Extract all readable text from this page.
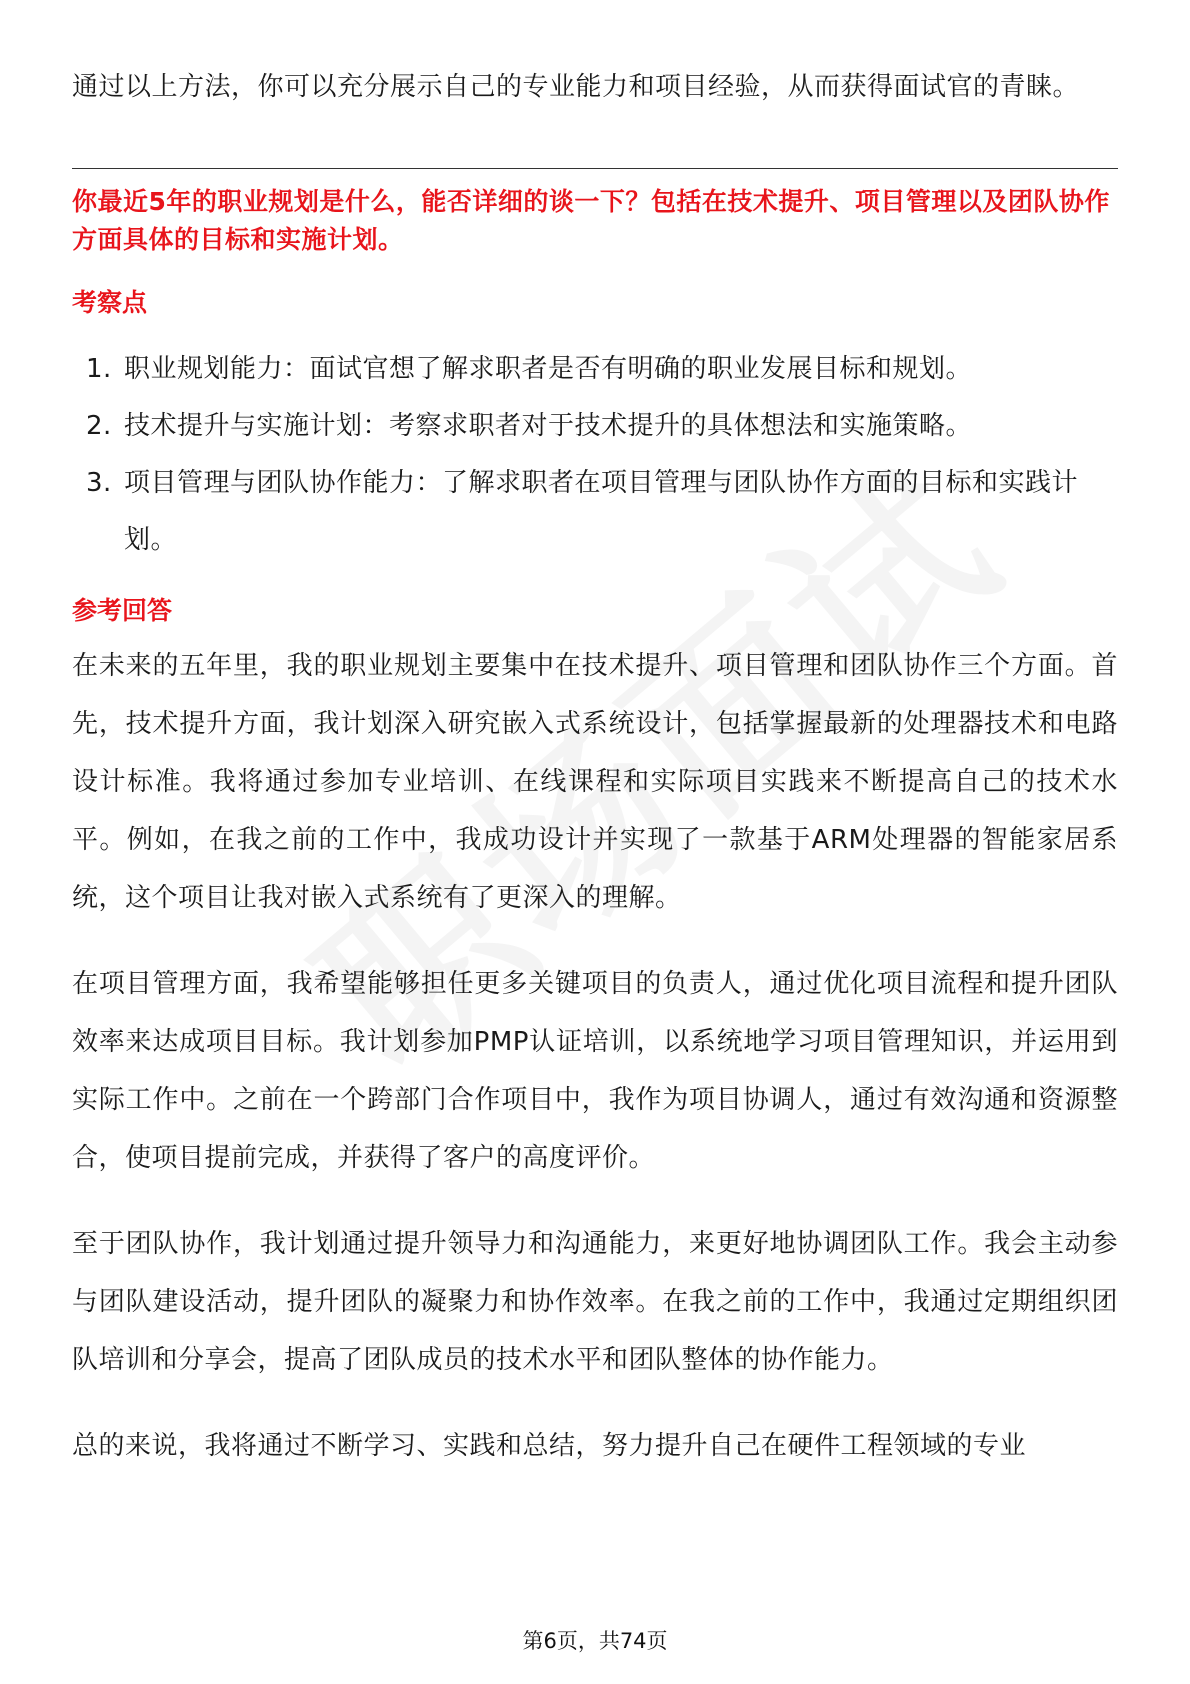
通过以上方法，你可以充分展示自己的专业能力和项目经验，从而获得面试官的青睐。

你最近5年的职业规划是什么，能否详细的谈一下？包括在技术提升、项目管理以及团队协作方面具体的目标和实施计划。

考察点
1. 职业规划能力：面试官想了解求职者是否有明确的职业发展目标和规划。
2. 技术提升与实施计划：考察求职者对于技术提升的具体想法和实施策略。
3. 项目管理与团队协作能力：了解求职者在项目管理与团队协作方面的目标和实践计划。
参考回答

在未来的五年里，我的职业规划主要集中在技术提升、项目管理和团队协作三个方面。首先，技术提升方面，我计划深入研究嵌入式系统设计，包括掌握最新的处理器技术和电路设计标准。我将通过参加专业培训、在线课程和实际项目实践来不断提高自己的技术水平。例如，在我之前的工作中，我成功设计并实现了一款基于ARM处理器的智能家居系统，这个项目让我对嵌入式系统有了更深入的理解。

在项目管理方面，我希望能够担任更多关键项目的负责人，通过优化项目流程和提升团队效率来达成项目目标。我计划参加PMP认证培训，以系统地学习项目管理知识，并运用到实际工作中。之前在一个跨部门合作项目中，我作为项目协调人，通过有效沟通和资源整合，使项目提前完成，并获得了客户的高度评价。

至于团队协作，我计划通过提升领导力和沟通能力，来更好地协调团队工作。我会主动参与团队建设活动，提升团队的凝聚力和协作效率。在我之前的工作中，我通过定期组织团队培训和分享会，提高了团队成员的技术水平和团队整体的协作能力。

总的来说，我将通过不断学习、实践和总结，努力提升自己在硬件工程领域的专业

第6页，共74页
